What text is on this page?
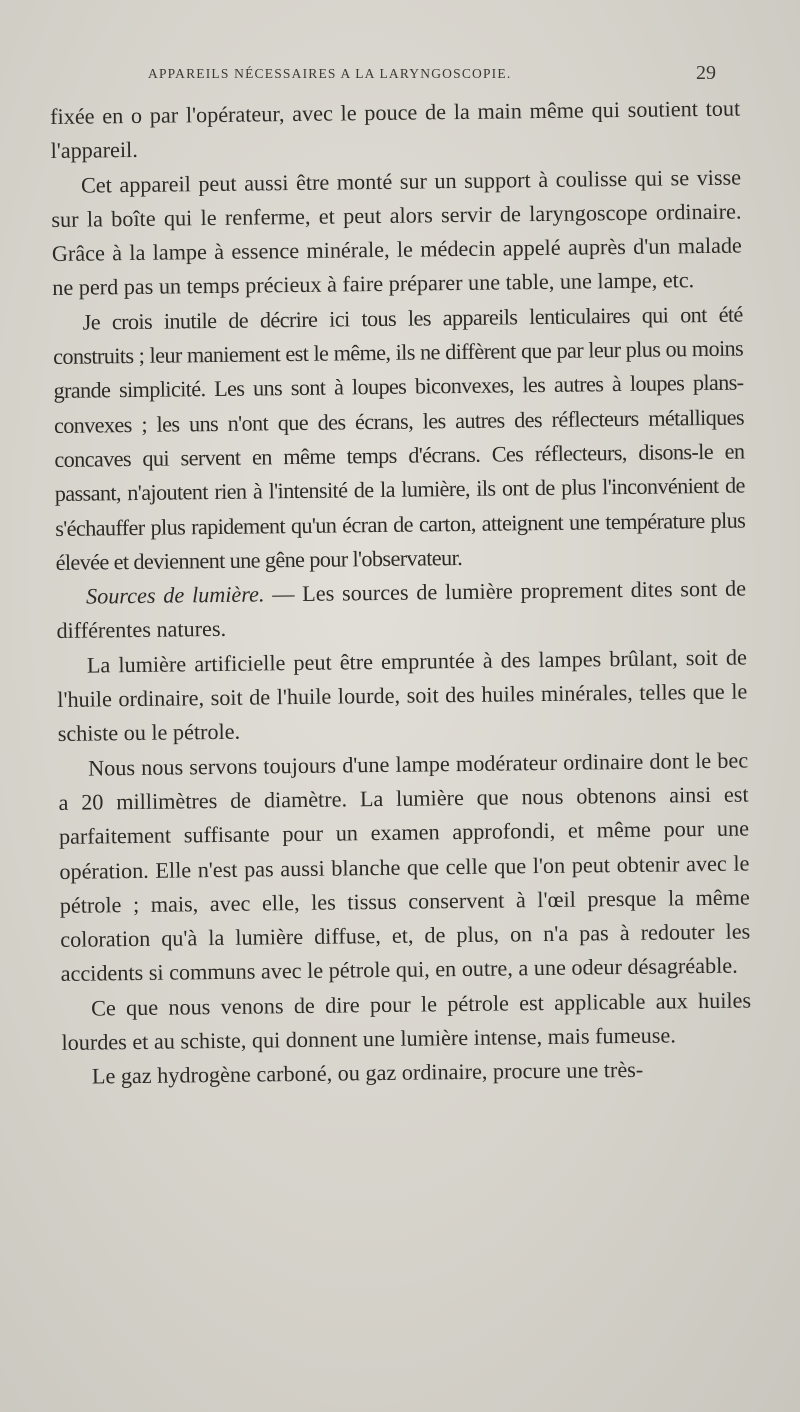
APPAREILS NÉCESSAIRES A LA LARYNGOSCOPIE.	29

fixée en o par l'opérateur, avec le pouce de la main même qui soutient tout l'appareil.

Cet appareil peut aussi être monté sur un support à coulisse qui se visse sur la boîte qui le renferme, et peut alors servir de laryngoscope ordinaire. Grâce à la lampe à essence minérale, le médecin appelé auprès d'un malade ne perd pas un temps précieux à faire préparer une table, une lampe, etc.

Je crois inutile de décrire ici tous les appareils lenticulaires qui ont été construits ; leur maniement est le même, ils ne diffèrent que par leur plus ou moins grande simplicité. Les uns sont à loupes biconvexes, les autres à loupes plans-convexes ; les uns n'ont que des écrans, les autres des réflecteurs métalliques concaves qui servent en même temps d'écrans. Ces réflecteurs, disons-le en passant, n'ajoutent rien à l'intensité de la lumière, ils ont de plus l'inconvénient de s'échauffer plus rapidement qu'un écran de carton, atteignent une température plus élevée et deviennent une gêne pour l'observateur.

Sources de lumière. — Les sources de lumière proprement dites sont de différentes natures.

La lumière artificielle peut être empruntée à des lampes brûlant, soit de l'huile ordinaire, soit de l'huile lourde, soit des huiles minérales, telles que le schiste ou le pétrole.

Nous nous servons toujours d'une lampe modérateur ordinaire dont le bec a 20 millimètres de diamètre. La lumière que nous obtenons ainsi est parfaitement suffisante pour un examen approfondi, et même pour une opération. Elle n'est pas aussi blanche que celle que l'on peut obtenir avec le pétrole ; mais, avec elle, les tissus conservent à l'œil presque la même coloration qu'à la lumière diffuse, et, de plus, on n'a pas à redouter les accidents si communs avec le pétrole qui, en outre, a une odeur désagréable.

Ce que nous venons de dire pour le pétrole est applicable aux huiles lourdes et au schiste, qui donnent une lumière intense, mais fumeuse.

Le gaz hydrogène carboné, ou gaz ordinaire, procure une très-
